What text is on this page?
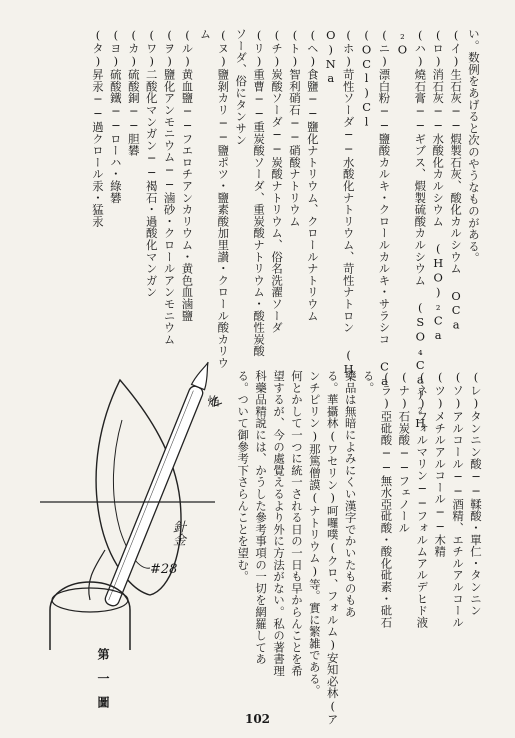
い。数例をあげると次のやうなものがある。
(イ)生石灰──煆製石灰、酸化カルシウム OCa
(ロ)消石灰──水酸化カルシウム (HO)₂Ca
(ハ)燒石膏──ギブス、煆製硫酸カルシウム (SO₄Ca)₂H
₂O
(ニ)漂白粉──鹽酸カルキ・クロールカルキ・サラシコ Ca
(OCl)Cl
(ホ)苛性ソーダ──水酸化ナトリウム、苛性ナトロン (H
O)Na
(ヘ)食鹽──鹽化ナトリウム、クロールナトリウム
(ト)智利硝石──硝酸ナトリウム
(チ)炭酸ソーダ──炭酸ナトリウム、俗名洗濯ソーダ
(リ)重曹──重炭酸ソーダ、重炭酸ナトリウム・酸性炭酸
ソーダ、俗にタンサン
(ヌ)鹽剝カリ──鹽ポツ・鹽素酸加里讃・クロール酸カリウ
ム
(ル)黄血鹽──フエロチアンカリウム・黄色血滷鹽
(ヲ)鹽化アンモニウム──滷砂・クロールアンモニウム
(ワ)二酸化マンガン──褐石・過酸化マンガン
(カ)硫酸銅──胆礬
(ヨ)硫酸鐵──ローハ・綠礬
(タ)昇汞──過クロール汞・猛汞
(レ)タンニン酸──鞣酸・單仁・タンニン
(ソ)アルコール──酒精、エチルアルコール
(ツ)メチルアルコール──木精
(ネ)フォルマリン──フォルムアルデヒド液
(ナ)石炭酸──フェノール
(ラ)亞砒酸──無水亞砒酸・酸化砒素・砒石
る。
藥品は無暗によみにくい漢字でかいたものもあ
る。華攝林(ワセリン)呵囉噗(クロ、フォルム)安知必林(ア
ンチピリン)那篤僧謨(ナトリウム)等。實に繁雑である。
何とかして一つに統一される日の一日も早からんことを希
望するが、今の處覺えるより外に方法がない。私の著書理
科藥品精説には、かうした參考事項の一切を網羅してあ
る。ついて御參考下さらんことを望む。
焔
針金
#28
第一圖	102
